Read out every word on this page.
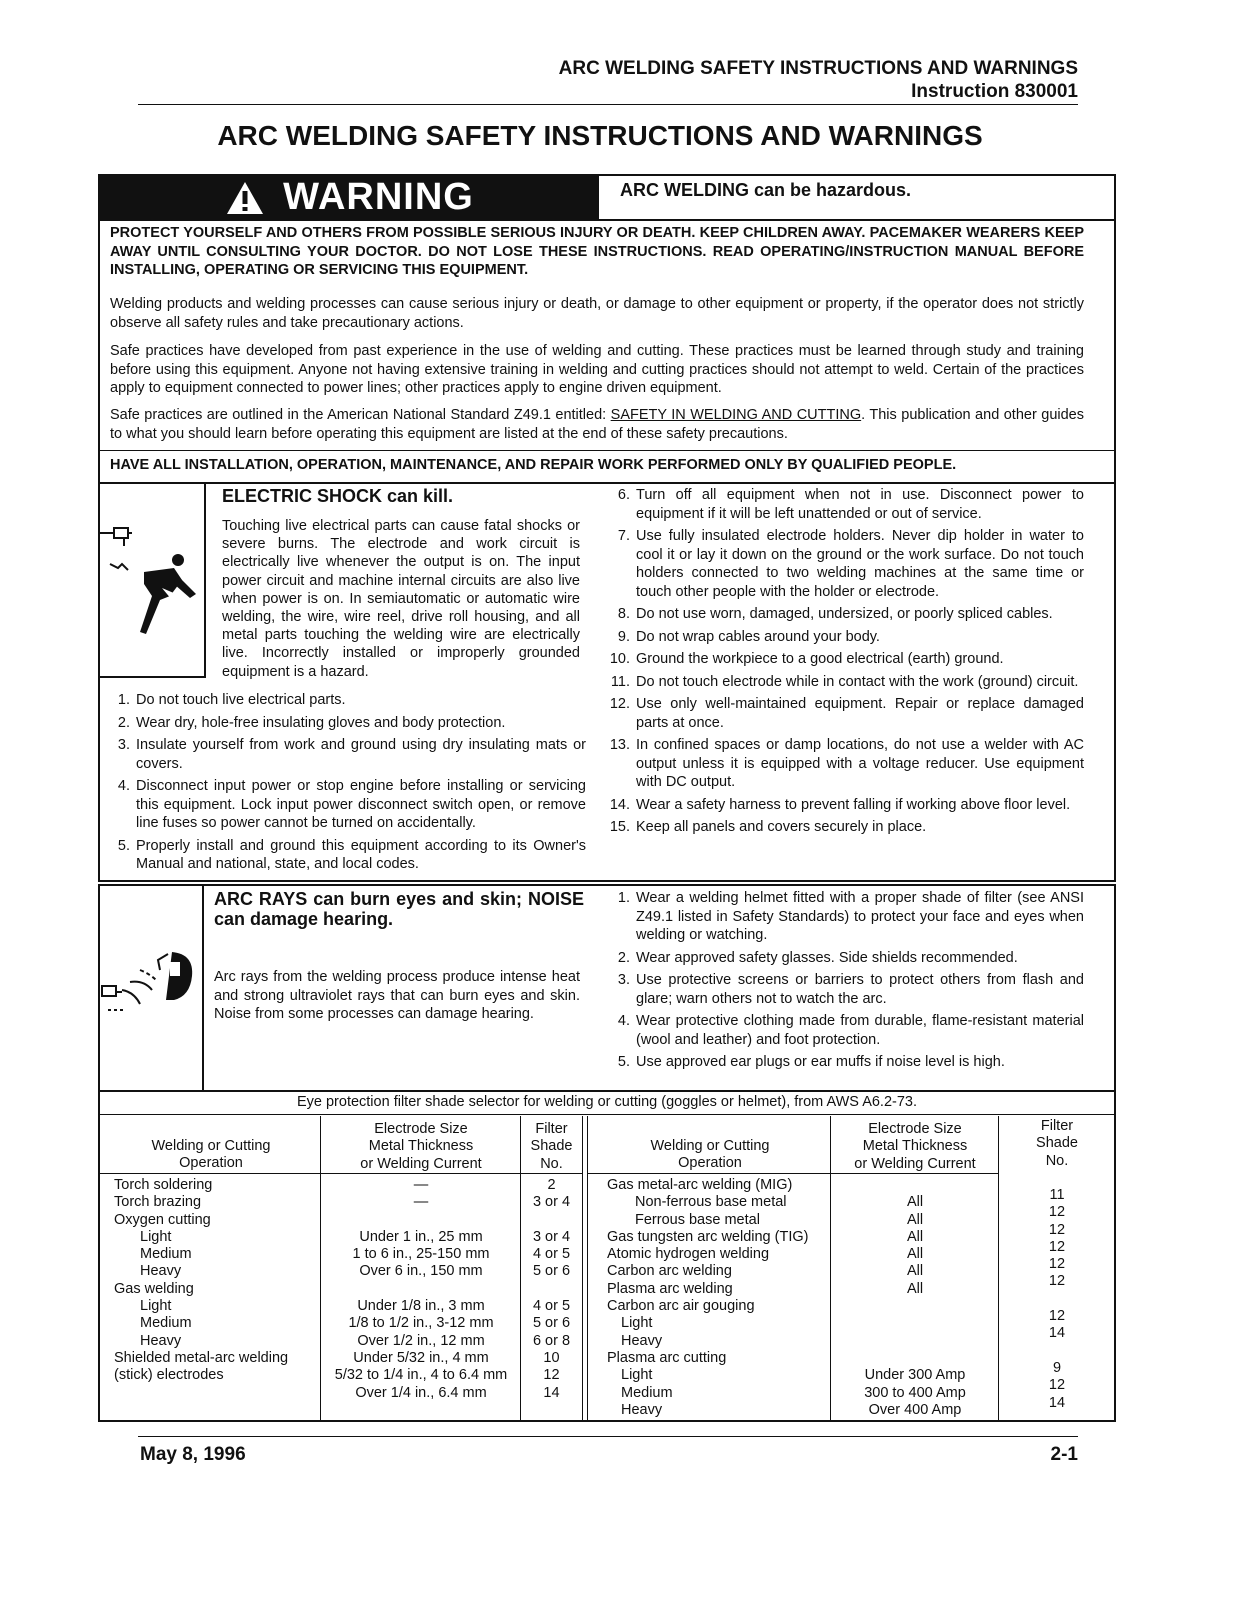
ARC WELDING SAFETY INSTRUCTIONS AND WARNINGS
Instruction 830001
ARC WELDING SAFETY INSTRUCTIONS AND WARNINGS
WARNING	ARC WELDING can be hazardous.
PROTECT YOURSELF AND OTHERS FROM POSSIBLE SERIOUS INJURY OR DEATH. KEEP CHILDREN AWAY. PACEMAKER WEARERS KEEP AWAY UNTIL CONSULTING YOUR DOCTOR. DO NOT LOSE THESE INSTRUCTIONS. READ OPERATING/INSTRUCTION MANUAL BEFORE INSTALLING, OPERATING OR SERVICING THIS EQUIPMENT.
Welding products and welding processes can cause serious injury or death, or damage to other equipment or property, if the operator does not strictly observe all safety rules and take precautionary actions.
Safe practices have developed from past experience in the use of welding and cutting. These practices must be learned through study and training before using this equipment. Anyone not having extensive training in welding and cutting practices should not attempt to weld. Certain of the practices apply to equipment connected to power lines; other practices apply to engine driven equipment.
Safe practices are outlined in the American National Standard Z49.1 entitled: SAFETY IN WELDING AND CUTTING. This publication and other guides to what you should learn before operating this equipment are listed at the end of these safety precautions.
HAVE ALL INSTALLATION, OPERATION, MAINTENANCE, AND REPAIR WORK PERFORMED ONLY BY QUALIFIED PEOPLE.
ELECTRIC SHOCK can kill.
Touching live electrical parts can cause fatal shocks or severe burns. The electrode and work circuit is electrically live whenever the output is on. The input power circuit and machine internal circuits are also live when power is on. In semiautomatic or automatic wire welding, the wire, wire reel, drive roll housing, and all metal parts touching the welding wire are electrically live. Incorrectly installed or improperly grounded equipment is a hazard.
1. Do not touch live electrical parts.
2. Wear dry, hole-free insulating gloves and body protection.
3. Insulate yourself from work and ground using dry insulating mats or covers.
4. Disconnect input power or stop engine before installing or servicing this equipment. Lock input power disconnect switch open, or remove line fuses so power cannot be turned on accidentally.
5. Properly install and ground this equipment according to its Owner's Manual and national, state, and local codes.
6. Turn off all equipment when not in use. Disconnect power to equipment if it will be left unattended or out of service.
7. Use fully insulated electrode holders. Never dip holder in water to cool it or lay it down on the ground or the work surface. Do not touch holders connected to two welding machines at the same time or touch other people with the holder or electrode.
8. Do not use worn, damaged, undersized, or poorly spliced cables.
9. Do not wrap cables around your body.
10. Ground the workpiece to a good electrical (earth) ground.
11. Do not touch electrode while in contact with the work (ground) circuit.
12. Use only well-maintained equipment. Repair or replace damaged parts at once.
13. In confined spaces or damp locations, do not use a welder with AC output unless it is equipped with a voltage reducer. Use equipment with DC output.
14. Wear a safety harness to prevent falling if working above floor level.
15. Keep all panels and covers securely in place.
ARC RAYS can burn eyes and skin; NOISE can damage hearing.
Arc rays from the welding process produce intense heat and strong ultraviolet rays that can burn eyes and skin. Noise from some processes can damage hearing.
1. Wear a welding helmet fitted with a proper shade of filter (see ANSI Z49.1 listed in Safety Standards) to protect your face and eyes when welding or watching.
2. Wear approved safety glasses. Side shields recommended.
3. Use protective screens or barriers to protect others from flash and glare; warn others not to watch the arc.
4. Wear protective clothing made from durable, flame-resistant material (wool and leather) and foot protection.
5. Use approved ear plugs or ear muffs if noise level is high.
Eye protection filter shade selector for welding or cutting (goggles or helmet), from AWS A6.2-73.
Welding or Cutting
Operation
Electrode Size
Metal Thickness
or Welding Current
Filter
Shade
No.
Welding or Cutting
Operation
Electrode Size
Metal Thickness
or Welding Current
Filter
Shade
No.
Torch soldering
Torch brazing
Oxygen cutting
Light
Medium
Heavy
Gas welding
Light
Medium
Heavy
Shielded metal-arc welding
(stick) electrodes
—
—
Under 1 in., 25 mm
1 to 6 in., 25-150 mm
Over 6 in., 150 mm
Under 1/8 in., 3 mm
1/8 to 1/2 in., 3-12 mm
Over 1/2 in., 12 mm
Under 5/32 in., 4 mm
5/32 to 1/4 in., 4 to 6.4 mm
Over 1/4 in., 6.4 mm
2
3 or 4
3 or 4
4 or 5
5 or 6
4 or 5
5 or 6
6 or 8
10
12
14
Gas metal-arc welding (MIG)
Non-ferrous base metal
Ferrous base metal
Gas tungsten arc welding (TIG)
Atomic hydrogen welding
Carbon arc welding
Plasma arc welding
Carbon arc air gouging
Light
Heavy
Plasma arc cutting
Light
Medium
Heavy
All
All
All
All
All
All
Under 300 Amp
300 to 400 Amp
Over 400 Amp
11
12
12
12
12
12
12
14
9
12
14
May 8, 1996	2-1
